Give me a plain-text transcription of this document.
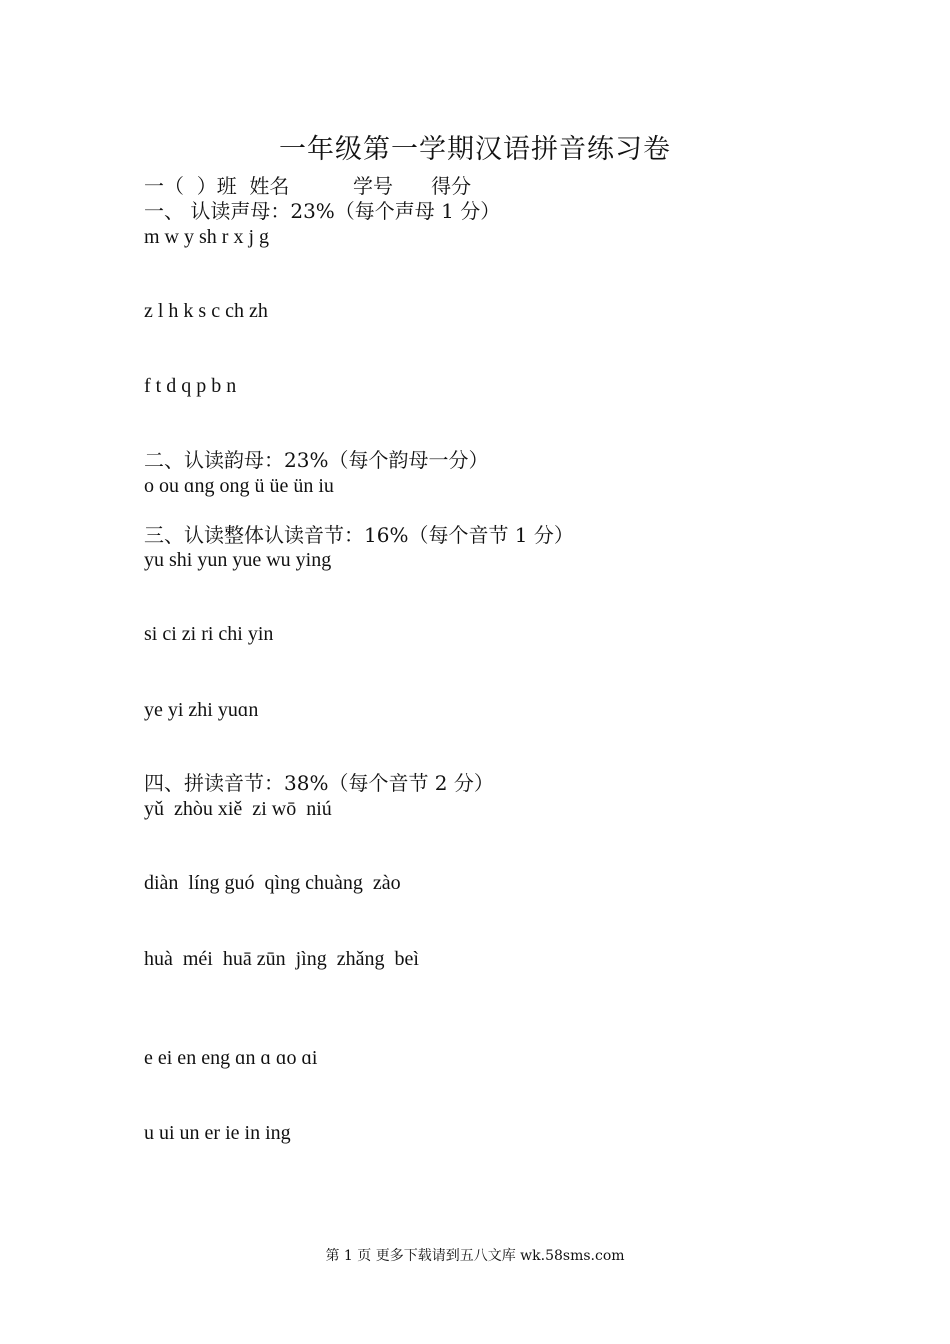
一年级第一学期汉语拼音练习卷
一（  ）班  姓名          学号      得分
一、 认读声母：23%（每个声母 1 分）
m w y sh r x j g
z l h k s c ch zh
f t d q p b n
二、认读韵母：23%（每个韵母一分）
o ou ɑng ong ü üe ün iu
三、认读整体认读音节：16%（每个音节 1 分）
yu shi yun yue wu ying
si ci zi ri chi yin
ye yi zhi yuɑn
四、拼读音节：38%（每个音节 2 分）
yǔ  zhòu xiě  zi wō  niú
diàn  líng guó  qìng chuàng  zào
huà  méi  huā zūn  jìng  zhǎng  beì
e ei en eng ɑn ɑ ɑo ɑi
u ui un er ie in ing
第 1 页 更多下载请到五八文库 wk.58sms.com
